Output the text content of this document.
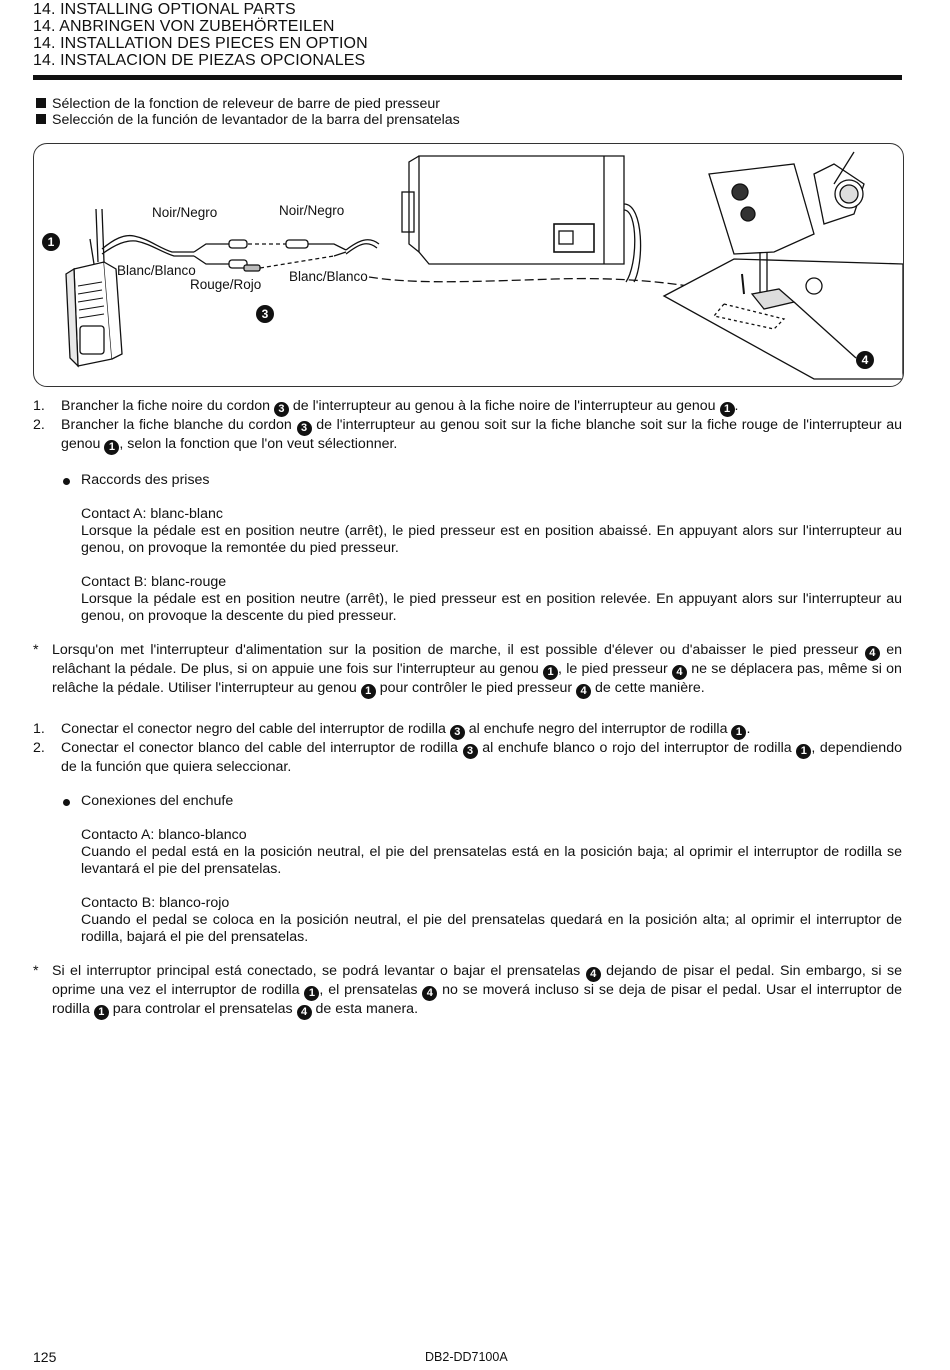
14. INSTALLING OPTIONAL PARTS
14. ANBRINGEN VON ZUBEHÖRTEILEN
14. INSTALLATION DES PIECES EN OPTION
14. INSTALACION DE PIEZAS OPCIONALES
Sélection de la fonction de releveur de barre de pied presseur
Selección de la función de levantador de la barra del prensatelas
Noir/Negro	Noir/Negro
Blanc/Blanco
Rouge/Rojo
Blanc/Blanco
1
3
4
1. Brancher la fiche noire du cordon 3 de l'interrupteur au genou à la fiche noire de l'interrupteur au genou 1 .
2. Brancher la fiche blanche du cordon 3 de l'interrupteur au genou soit sur la fiche blanche soit sur la fiche rouge de l'interrupteur au genou 1 , selon la fonction que l'on veut sélectionner.
Raccords des prises
Contact A: blanc-blanc
Lorsque la pédale est en position neutre (arrêt), le pied presseur est en position abaissé. En appuyant alors sur l'interrupteur au genou, on provoque la remontée du pied presseur.
Contact B: blanc-rouge
Lorsque la pédale est en position neutre (arrêt), le pied presseur est en position relevée. En appuyant alors sur l'interrupteur au genou, on provoque la descente du pied presseur.
* Lorsqu'on met l'interrupteur d'alimentation sur la position de marche, il est possible d'élever ou d'abaisser le pied presseur 4 en relâchant la pédale. De plus, si on appuie une fois sur l'interrupteur au genou 1 , le pied presseur 4 ne se déplacera pas, même si on relâche la pédale. Utiliser l'interrupteur au genou 1 pour contrôler le pied presseur 4 de cette manière.
1. Conectar el conector negro del cable del interruptor de rodilla 3 al enchufe negro del interruptor de rodilla 1 .
2. Conectar el conector blanco del cable del interruptor de rodilla 3 al enchufe blanco o rojo del interruptor de rodilla 1 , dependiendo de la función que quiera seleccionar.
Conexiones del enchufe
Contacto A: blanco-blanco
Cuando el pedal está en la posición neutral, el pie del prensatelas está en la posición baja; al oprimir el interruptor de rodilla se levantará el pie del prensatelas.
Contacto B: blanco-rojo
Cuando el pedal se coloca en la posición neutral, el pie del prensatelas quedará en la posición alta; al oprimir el interruptor de rodilla, bajará el pie del prensatelas.
* Si el interruptor principal está conectado, se podrá levantar o bajar el prensatelas 4 dejando de pisar el pedal. Sin embargo, si se oprime una vez el interruptor de rodilla 1 , el prensatelas 4 no se moverá incluso si se deja de pisar el pedal. Usar el interruptor de rodilla 1 para controlar el prensatelas 4 de esta manera.
125	DB2-DD7100A
